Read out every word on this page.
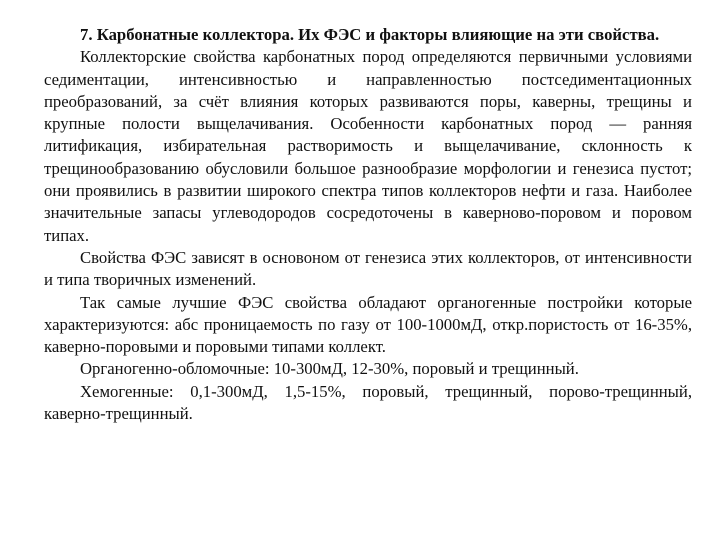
7. Карбонатные коллектора. Их ФЭС и факторы влияющие на эти свойства.

Коллекторские свойства карбонатных пород определяются первичными условиями седиментации, интенсивностью и направленностью постседиментационных преобразований, за счёт влияния которых развиваются поры, каверны, трещины и крупные полости выщелачивания. Особенности карбонатных пород — ранняя литификация, избирательная растворимость и выщелачивание, склонность к трещинообразованию обусловили большое разнообразие морфологии и генезиса пустот; они проявились в развитии широкого спектра типов коллекторов нефти и газа. Наиболее значительные запасы углеводородов сосредоточены в каверново-поровом и поровом типах.

Свойства ФЭС зависят в основоном от генезиса этих коллекторов, от интенсивности и типа творичных изменений.

Так самые лучшие ФЭС свойства обладают органогенные постройки которые характеризуются: абс проницаемость по газу от 100-1000мД, откр.пористость от 16-35%, каверно-поровыми и поровыми типами коллект.

Органогенно-обломочные: 10-300мД, 12-30%, поровый и трещинный.

Хемогенные: 0,1-300мД, 1,5-15%, поровый, трещинный, порово-трещинный, каверно-трещинный.
